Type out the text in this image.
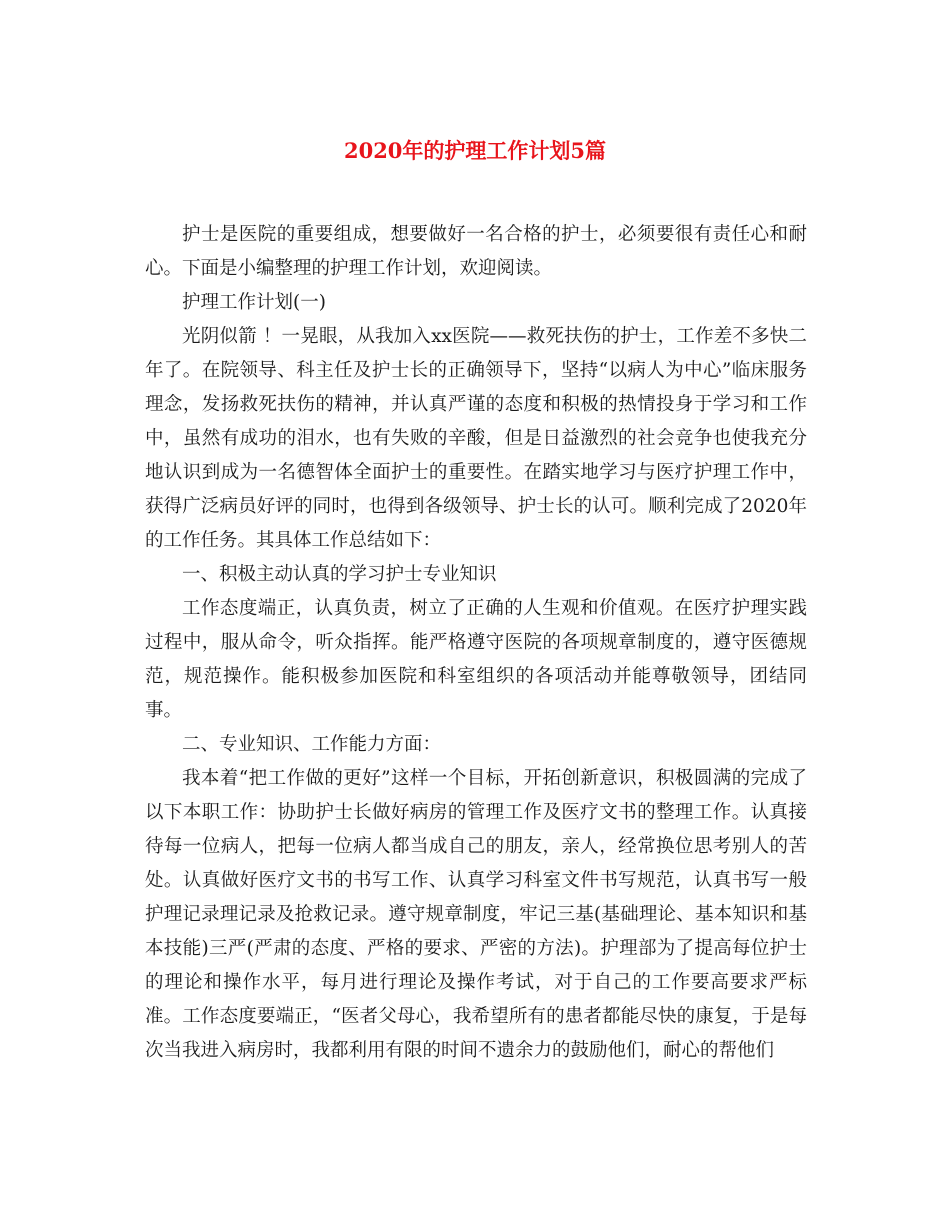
2020年的护理工作计划5篇

护士是医院的重要组成，想要做好一名合格的护士，必须要很有责任心和耐心。下面是小编整理的护理工作计划，欢迎阅读。

护理工作计划(一)

光阴似箭 ！一晃眼，从我加入xx医院——救死扶伤的护士，工作差不多快二年了。在院领导、科主任及护士长的正确领导下，坚持“以病人为中心”临床服务理念，发扬救死扶伤的精神，并认真严谨的态度和积极的热情投身于学习和工作中，虽然有成功的泪水，也有失败的辛酸，但是日益激烈的社会竞争也使我充分地认识到成为一名德智体全面护士的重要性。在踏实地学习与医疗护理工作中，获得广泛病员好评的同时，也得到各级领导、护士长的认可。顺利完成了2020年的工作任务。其具体工作总结如下：

一、积极主动认真的学习护士专业知识

工作态度端正，认真负责，树立了正确的人生观和价值观。在医疗护理实践过程中，服从命令，听众指挥。能严格遵守医院的各项规章制度的，遵守医德规范，规范操作。能积极参加医院和科室组织的各项活动并能尊敬领导，团结同事。

二、专业知识、工作能力方面：

我本着“把工作做的更好”这样一个目标，开拓创新意识，积极圆满的完成了以下本职工作：协助护士长做好病房的管理工作及医疗文书的整理工作。认真接待每一位病人，把每一位病人都当成自己的朋友，亲人，经常换位思考别人的苦处。认真做好医疗文书的书写工作、认真学习科室文件书写规范，认真书写一般护理记录理记录及抢救记录。遵守规章制度，牢记三基(基础理论、基本知识和基本技能)三严(严肃的态度、严格的要求、严密的方法)。护理部为了提高每位护士的理论和操作水平，每月进行理论及操作考试，对于自己的工作要高要求严标准。工作态度要端正，“医者父母心，我希望所有的患者都能尽快的康复，于是每次当我进入病房时，我都利用有限的时间不遗余力的鼓励他们，耐心的帮他们
